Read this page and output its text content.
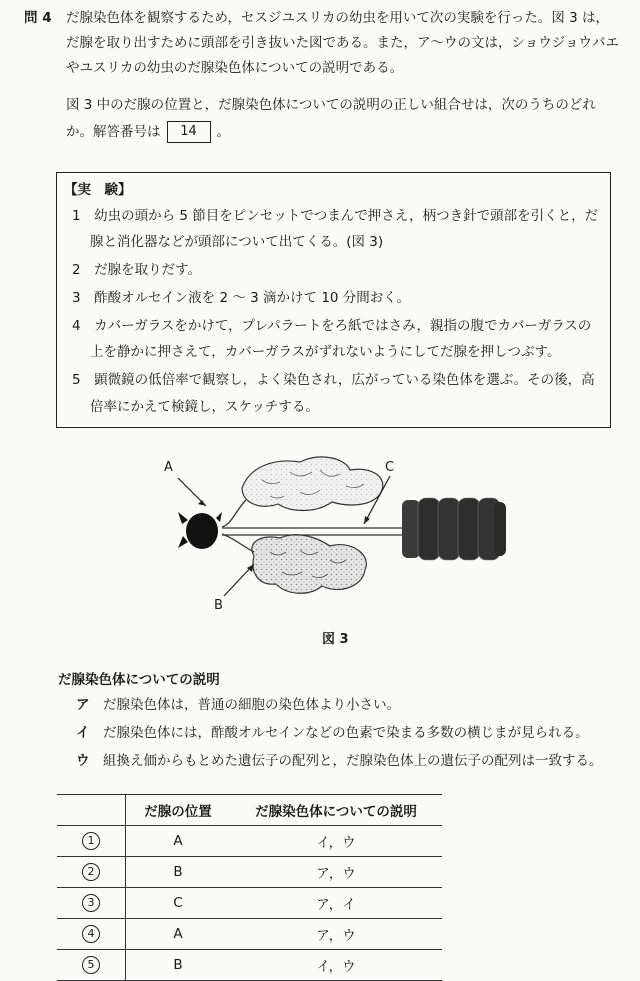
問 4 だ腺染色体を観察するため，セスジユスリカの幼虫を用いて次の実験を行った。図 3 は，
だ腺を取り出すために頭部を引き抜いた図である。また，ア～ウの文は，ショウジョウバエ
やユスリカの幼虫のだ腺染色体についての説明である。
図 3 中のだ腺の位置と，だ腺染色体についての説明の正しい組合せは，次のうちのどれ
か。解答番号は 14 。
【実　験】
1　幼虫の頭から 5 節目をピンセットでつまんで押さえ，柄つき針で頭部を引くと，だ
腺と消化器などが頭部について出てくる。(図 3)
2　だ腺を取りだす。
3　酢酸オルセイン液を 2 ～ 3 滴かけて 10 分間おく。
4　カバーガラスをかけて，プレパラートをろ紙ではさみ，親指の腹でカバーガラスの
上を静かに押さえて，カバーガラスがずれないようにしてだ腺を押しつぶす。
5　顕微鏡の低倍率で観察し，よく染色され，広がっている染色体を選ぶ。その後，高
倍率にかえて検鏡し，スケッチする。
A	C
B
図 3
だ腺染色体についての説明
ア　 だ腺染色体は，普通の細胞の染色体より小さい。
イ　 だ腺染色体には，酢酸オルセインなどの色素で染まる多数の横じまが見られる。
ウ　 組換え価からもとめた遺伝子の配列と，だ腺染色体上の遺伝子の配列は一致する。
	だ腺の位置	だ腺染色体についての説明
1	A	イ，ウ
2	B	ア，ウ
3	C	ア，イ
4	A	ア，ウ
5	B	イ，ウ
